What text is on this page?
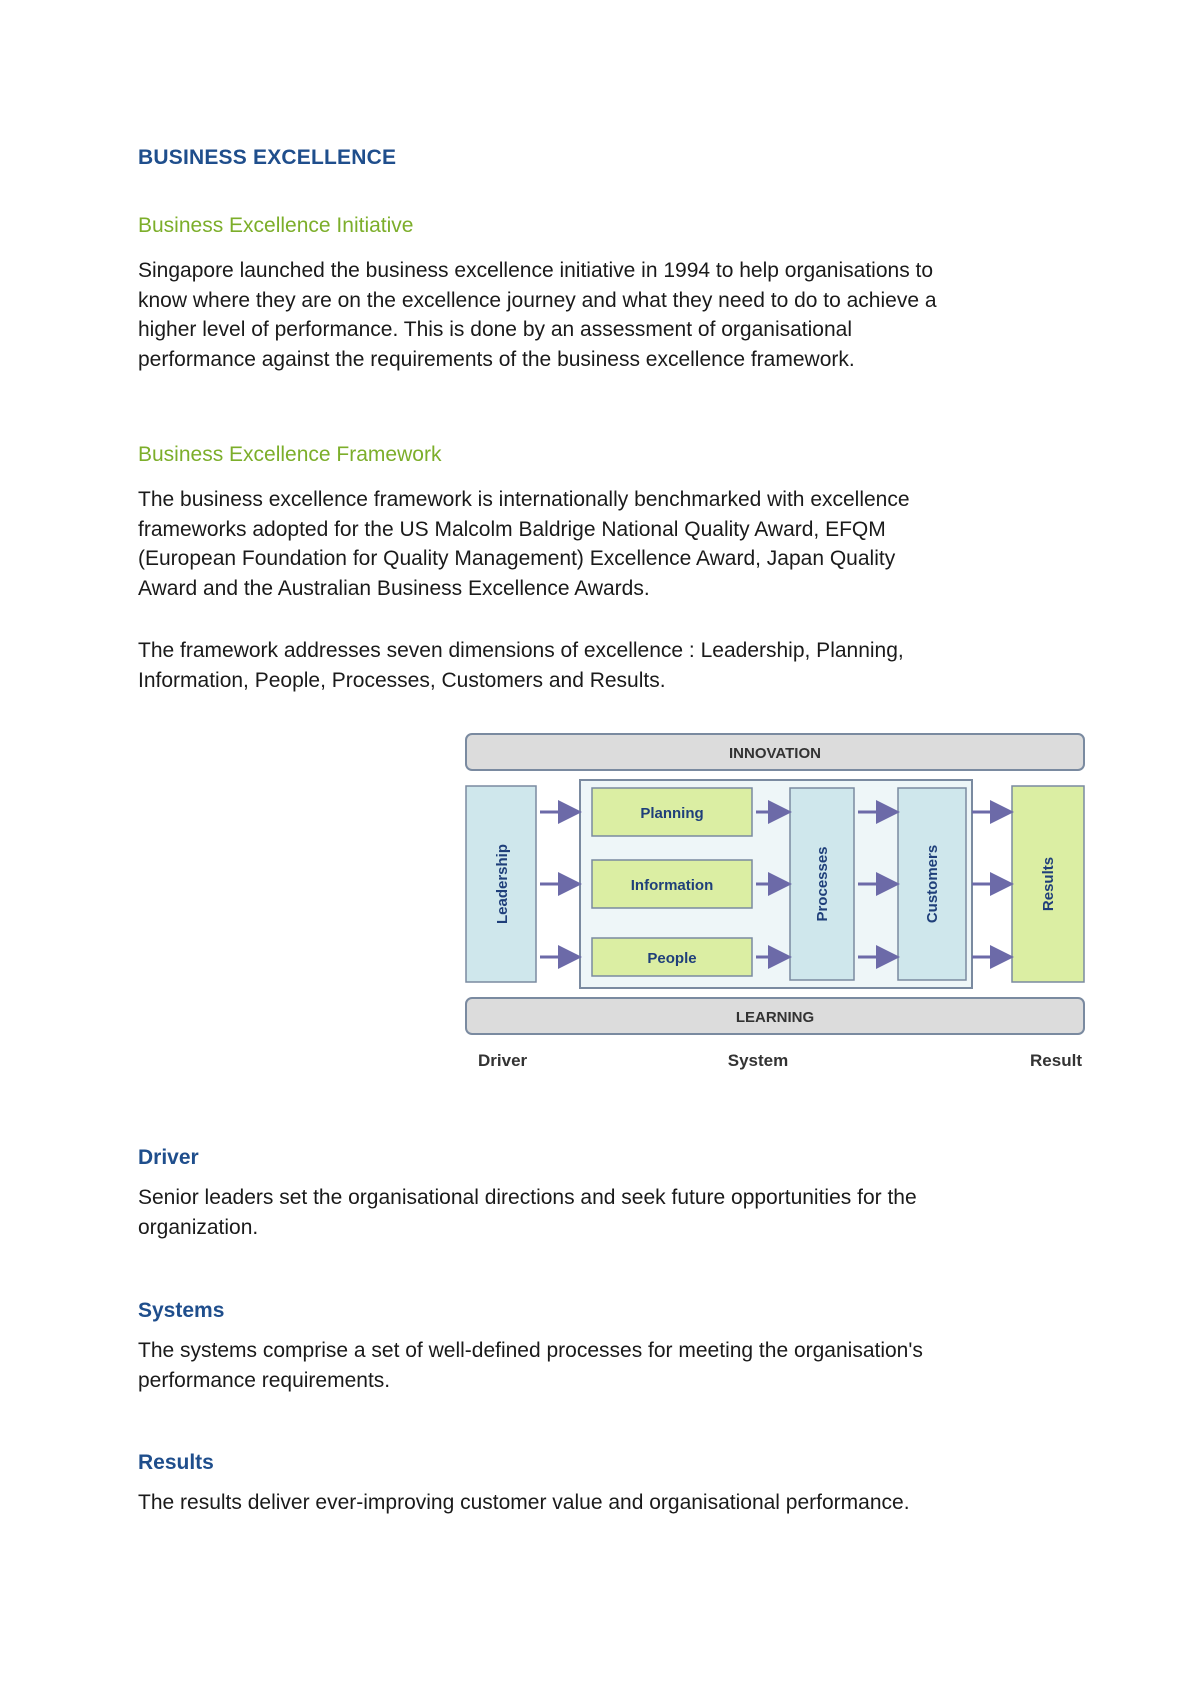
BUSINESS EXCELLENCE
Business Excellence Initiative
Singapore launched the business excellence initiative in 1994 to help organisations to
know where they are on the excellence journey and what they need to do to achieve a
higher level of performance. This is done by an assessment of organisational
performance against the requirements of the business excellence framework.
Business Excellence Framework
The business excellence framework is internationally benchmarked with excellence
frameworks adopted for the US Malcolm Baldrige National Quality Award, EFQM
(European Foundation for Quality Management) Excellence Award, Japan Quality
Award and the Australian Business Excellence Awards.
The framework addresses seven dimensions of excellence : Leadership, Planning,
Information, People, Processes, Customers and Results.
INNOVATION
Leadership
Planning
Information
People
Processes	Customers	Results
LEARNING
Driver	System	Result
Driver
Senior leaders set the organisational directions and seek future opportunities for the
organization.
Systems
The systems comprise a set of well-defined processes for meeting the organisation's
performance requirements.
Results
The results deliver ever-improving customer value and organisational performance.
